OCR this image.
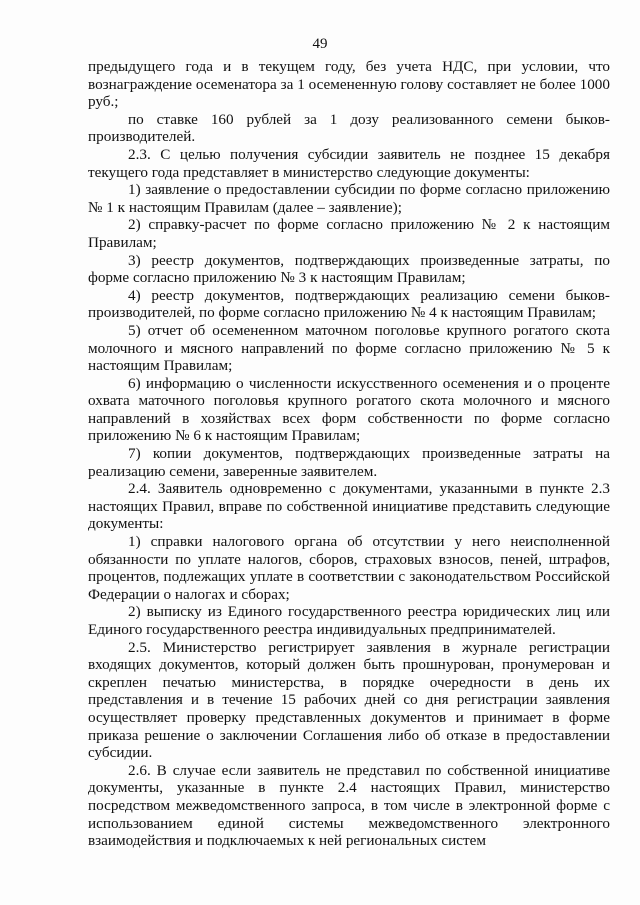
49

предыдущего года и в текущем году, без учета НДС, при условии, что вознаграждение осеменатора за 1 осемененную голову составляет не более 1000 руб.;

по ставке 160 рублей за 1 дозу реализованного семени быков-производителей.

2.3. С целью получения субсидии заявитель не позднее 15 декабря текущего года представляет в министерство следующие документы:

1) заявление о предоставлении субсидии по форме согласно приложению № 1 к настоящим Правилам (далее – заявление);

2) справку-расчет по форме согласно приложению № 2 к настоящим Правилам;

3) реестр документов, подтверждающих произведенные затраты, по форме согласно приложению № 3 к настоящим Правилам;

4) реестр документов, подтверждающих реализацию семени быков-производителей, по форме согласно приложению № 4 к настоящим Правилам;

5) отчет об осемененном маточном поголовье крупного рогатого скота молочного и мясного направлений по форме согласно приложению № 5 к настоящим Правилам;

6) информацию о численности искусственного осеменения и о проценте охвата маточного поголовья крупного рогатого скота молочного и мясного направлений в хозяйствах всех форм собственности по форме согласно приложению № 6 к настоящим Правилам;

7) копии документов, подтверждающих произведенные затраты на реализацию семени, заверенные заявителем.

2.4. Заявитель одновременно с документами, указанными в пункте 2.3 настоящих Правил, вправе по собственной инициативе представить следующие документы:

1) справки налогового органа об отсутствии у него неисполненной обязанности по уплате налогов, сборов, страховых взносов, пеней, штрафов, процентов, подлежащих уплате в соответствии с законодательством Российской Федерации о налогах и сборах;

2) выписку из Единого государственного реестра юридических лиц или Единого государственного реестра индивидуальных предпринимателей.

2.5. Министерство регистрирует заявления в журнале регистрации входящих документов, который должен быть прошнурован, пронумерован и скреплен печатью министерства, в порядке очередности в день их представления и в течение 15 рабочих дней со дня регистрации заявления осуществляет проверку представленных документов и принимает в форме приказа решение о заключении Соглашения либо об отказе в предоставлении субсидии.

2.6. В случае если заявитель не представил по собственной инициативе документы, указанные в пункте 2.4 настоящих Правил, министерство посредством межведомственного запроса, в том числе в электронной форме с использованием единой системы межведомственного электронного взаимодействия и подключаемых к ней региональных систем
